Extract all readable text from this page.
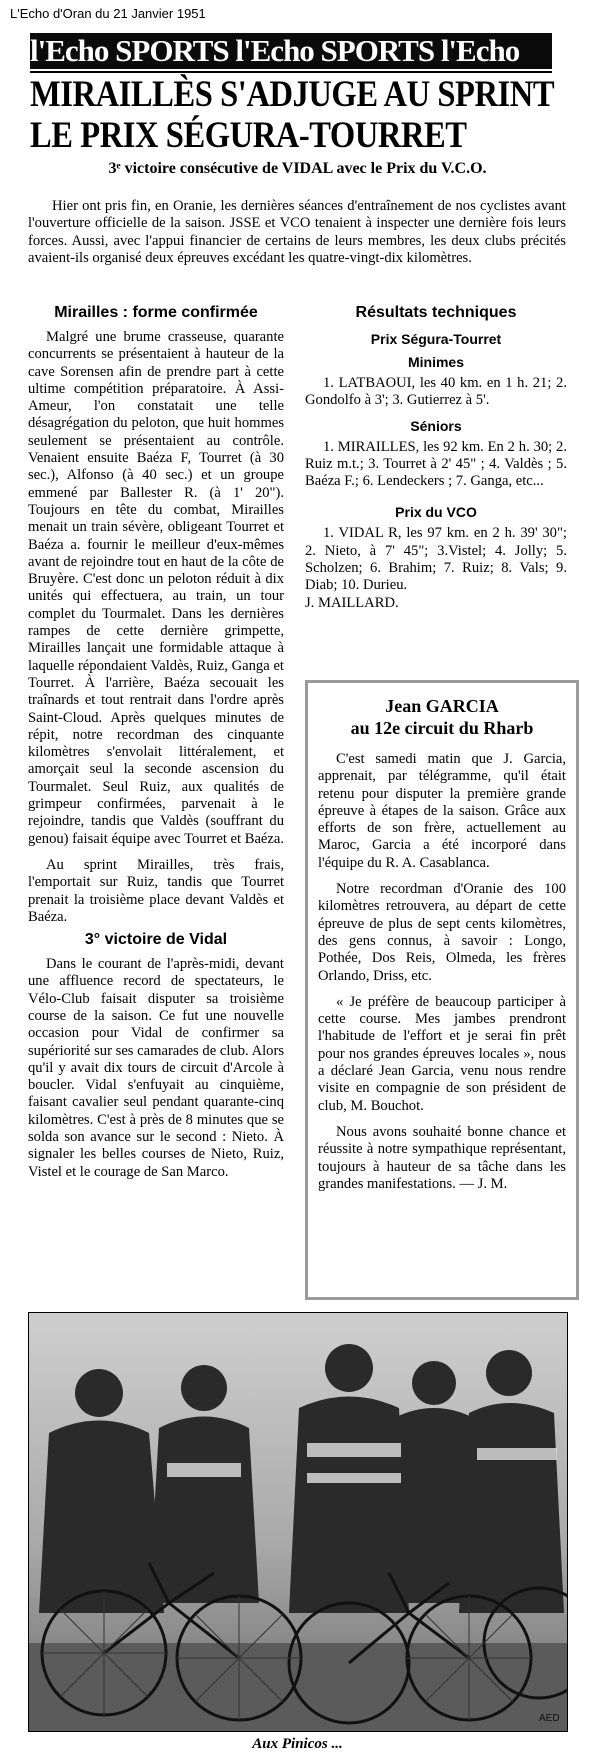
L'Echo d'Oran du 21 Janvier 1951
l'Echo SPORTS l'Echo SPORTS l'Echo
MIRAILLÈS S'ADJUGE AU SPRINT
LE PRIX SÉGURA-TOURRET
3ᵉ victoire consécutive de VIDAL avec le Prix du V.C.O.

Hier ont pris fin, en Oranie, les dernières séances d'entraînement de nos cyclistes avant l'ouverture officielle de la saison. JSSE et VCO tenaient à inspecter une dernière fois leurs forces. Aussi, avec l'appui financier de certains de leurs membres, les deux clubs précités avaient-ils organisé deux épreuves excédant les quatre-vingt-dix kilomètres.

Mirailles : forme confirmée

Malgré une brume crasseuse, quarante concurrents se présentaient à hauteur de la cave Sorensen afin de prendre part à cette ultime compétition préparatoire. À Assi-Ameur, l'on constatait une telle désagrégation du peloton, que huit hommes seulement se présentaient au contrôle. Venaient ensuite Baéza F, Tourret (à 30 sec.), Alfonso (à 40 sec.) et un groupe emmené par Ballester R. (à 1' 20"). Toujours en tête du combat, Mirailles menait un train sévère, obligeant Tourret et Baéza a. fournir le meilleur d'eux-mêmes avant de rejoindre tout en haut de la côte de Bruyère. C'est donc un peloton réduit à dix unités qui effectuera, au train, un tour complet du Tourmalet. Dans les dernières rampes de cette dernière grimpette, Mirailles lançait une formidable attaque à laquelle répondaient Valdès, Ruiz, Ganga et Tourret. À l'arrière, Baéza secouait les traînards et tout rentrait dans l'ordre après Saint-Cloud. Après quelques minutes de répit, notre recordman des cinquante kilomètres s'envolait littéralement, et amorçait seul la seconde ascension du Tourmalet. Seul Ruiz, aux qualités de grimpeur confirmées, parvenait à le rejoindre, tandis que Valdès (souffrant du genou) faisait équipe avec Tourret et Baéza.

Au sprint Mirailles, très frais, l'emportait sur Ruiz, tandis que Tourret prenait la troisième place devant Valdès et Baéza.

3° victoire de Vidal

Dans le courant de l'après-midi, devant une affluence record de spectateurs, le Vélo-Club faisait disputer sa troisième course de la saison. Ce fut une nouvelle occasion pour Vidal de confirmer sa supériorité sur ses camarades de club. Alors qu'il y avait dix tours de circuit d'Arcole à boucler. Vidal s'enfuyait au cinquième, faisant cavalier seul pendant quarante-cinq kilomètres. C'est à près de 8 minutes que se solda son avance sur le second : Nieto. À signaler les belles courses de Nieto, Ruiz, Vistel et le courage de San Marco.

Résultats techniques
Prix Ségura-Tourret
Minimes

1. LATBAOUI, les 40 km. en 1 h. 21; 2. Gondolfo à 3'; 3. Gutierrez à 5'.

Séniors

1. MIRAILLES, les 92 km. En 2 h. 30; 2. Ruiz m.t.; 3. Tourret à 2' 45" ; 4. Valdès ; 5. Baéza F.; 6. Lendeckers ; 7. Ganga, etc...

Prix du VCO

1. VIDAL R, les 97 km. en 2 h. 39' 30"; 2. Nieto, à 7' 45"; 3.Vistel; 4. Jolly; 5. Scholzen; 6. Brahim; 7. Ruiz; 8. Vals; 9. Diab; 10. Durieu.

J. MAILLARD.

Jean GARCIA
au 12e circuit du Rharb

C'est samedi matin que J. Garcia, apprenait, par télégramme, qu'il était retenu pour disputer la première grande épreuve à étapes de la saison. Grâce aux efforts de son frère, actuellement au Maroc, Garcia a été incorporé dans l'équipe du R. A. Casablanca.

Notre recordman d'Oranie des 100 kilomètres retrouvera, au départ de cette épreuve de plus de sept cents kilomètres, des gens connus, à savoir : Longo, Pothée, Dos Reis, Olmeda, les frères Orlando, Driss, etc.

« Je préfère de beaucoup participer à cette course. Mes jambes prendront l'habitude de l'effort et je serai fin prêt pour nos grandes épreuves locales », nous a déclaré Jean Garcia, venu nous rendre visite en compagnie de son président de club, M. Bouchot.

Nous avons souhaité bonne chance et réussite à notre sympathique représentant, toujours à hauteur de sa tâche dans les grandes manifestations. — J. M.

AED
Aux Pinicos ...
